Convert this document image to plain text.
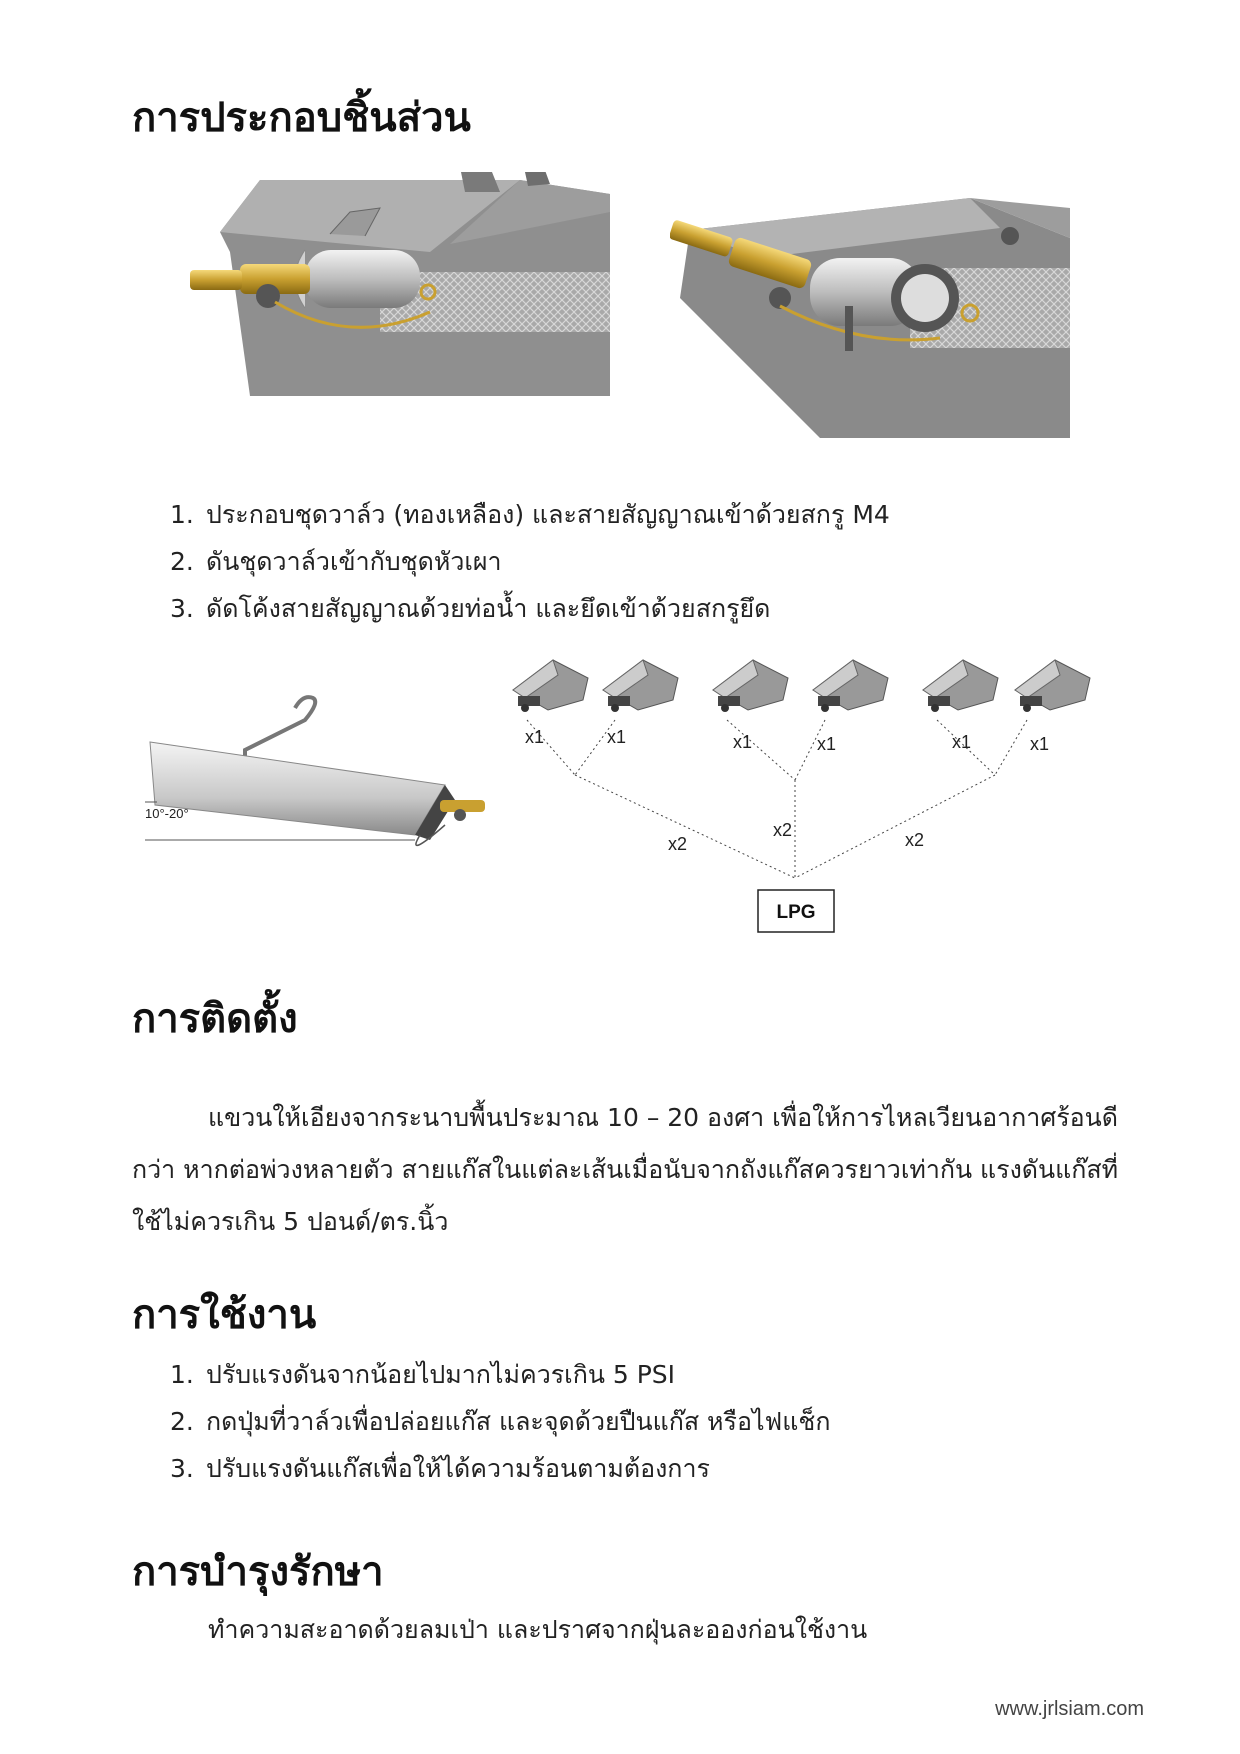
การประกอบชิ้นส่วน
1. ประกอบชุดวาล์ว (ทองเหลือง) และสายสัญญาณเข้าด้วยสกรู M4
2. ดันชุดวาล์วเข้ากับชุดหัวเผา
3. ดัดโค้งสายสัญญาณด้วยท่อน้ำ และยึดเข้าด้วยสกรูยึด
10°-20°
x1	x1	x1	x1	x1	x1
x2
x2	x2
LPG
การติดตั้ง

แขวนให้เอียงจากระนาบพื้นประมาณ 10 – 20 องศา เพื่อให้การไหลเวียนอากาศร้อนดีกว่า หากต่อพ่วงหลายตัว สายแก๊สในแต่ละเส้นเมื่อนับจากถังแก๊สควรยาวเท่ากัน แรงดันแก๊สที่ใช้ไม่ควรเกิน 5 ปอนด์/ตร.นิ้ว

การใช้งาน
1. ปรับแรงดันจากน้อยไปมากไม่ควรเกิน 5 PSI
2. กดปุ่มที่วาล์วเพื่อปล่อยแก๊ส และจุดด้วยปืนแก๊ส หรือไฟแช็ก
3. ปรับแรงดันแก๊สเพื่อให้ได้ความร้อนตามต้องการ
การบำรุงรักษา

ทำความสะอาดด้วยลมเป่า และปราศจากฝุ่นละอองก่อนใช้งาน

www.jrlsiam.com
